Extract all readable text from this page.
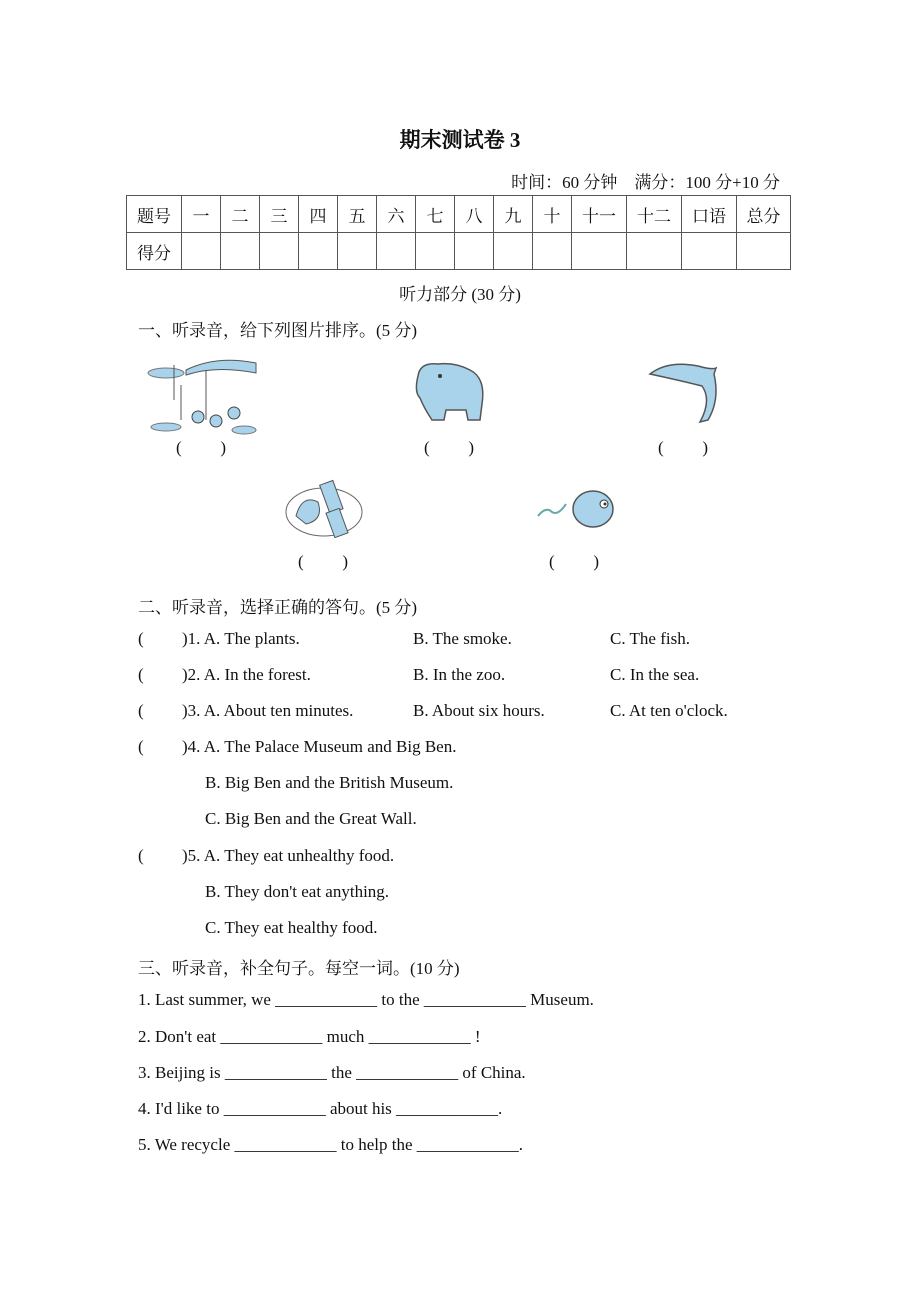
期末测试卷 3
时间：60 分钟　满分：100 分+10 分
题号	一	二	三	四	五	六	七	八	九	十	十一	十二	口语	总分
得分														
听力部分 (30 分)
一、听录音，给下列图片排序。(5 分)
( )	( )	( )
( )	( )
二、听录音，选择正确的答句。(5 分)
( )1. A. The plants.	B. The smoke.	C. The fish.
( )2. A. In the forest.	B. In the zoo.	C. In the sea.
( )3. A. About ten minutes.	B. About six hours.	C. At ten o'clock.
( )4. A. The Palace Museum and Big Ben.
B. Big Ben and the British Museum.
C. Big Ben and the Great Wall.
( )5. A. They eat unhealthy food.
B. They don't eat anything.
C. They eat healthy food.
三、听录音，补全句子。每空一词。(10 分)
1. Last summer, we ____________ to the ____________ Museum.
2. Don't eat ____________ much ____________ !
3. Beijing is ____________ the ____________ of China.
4. I'd like to ____________ about his ____________.
5. We recycle ____________ to help the ____________.
